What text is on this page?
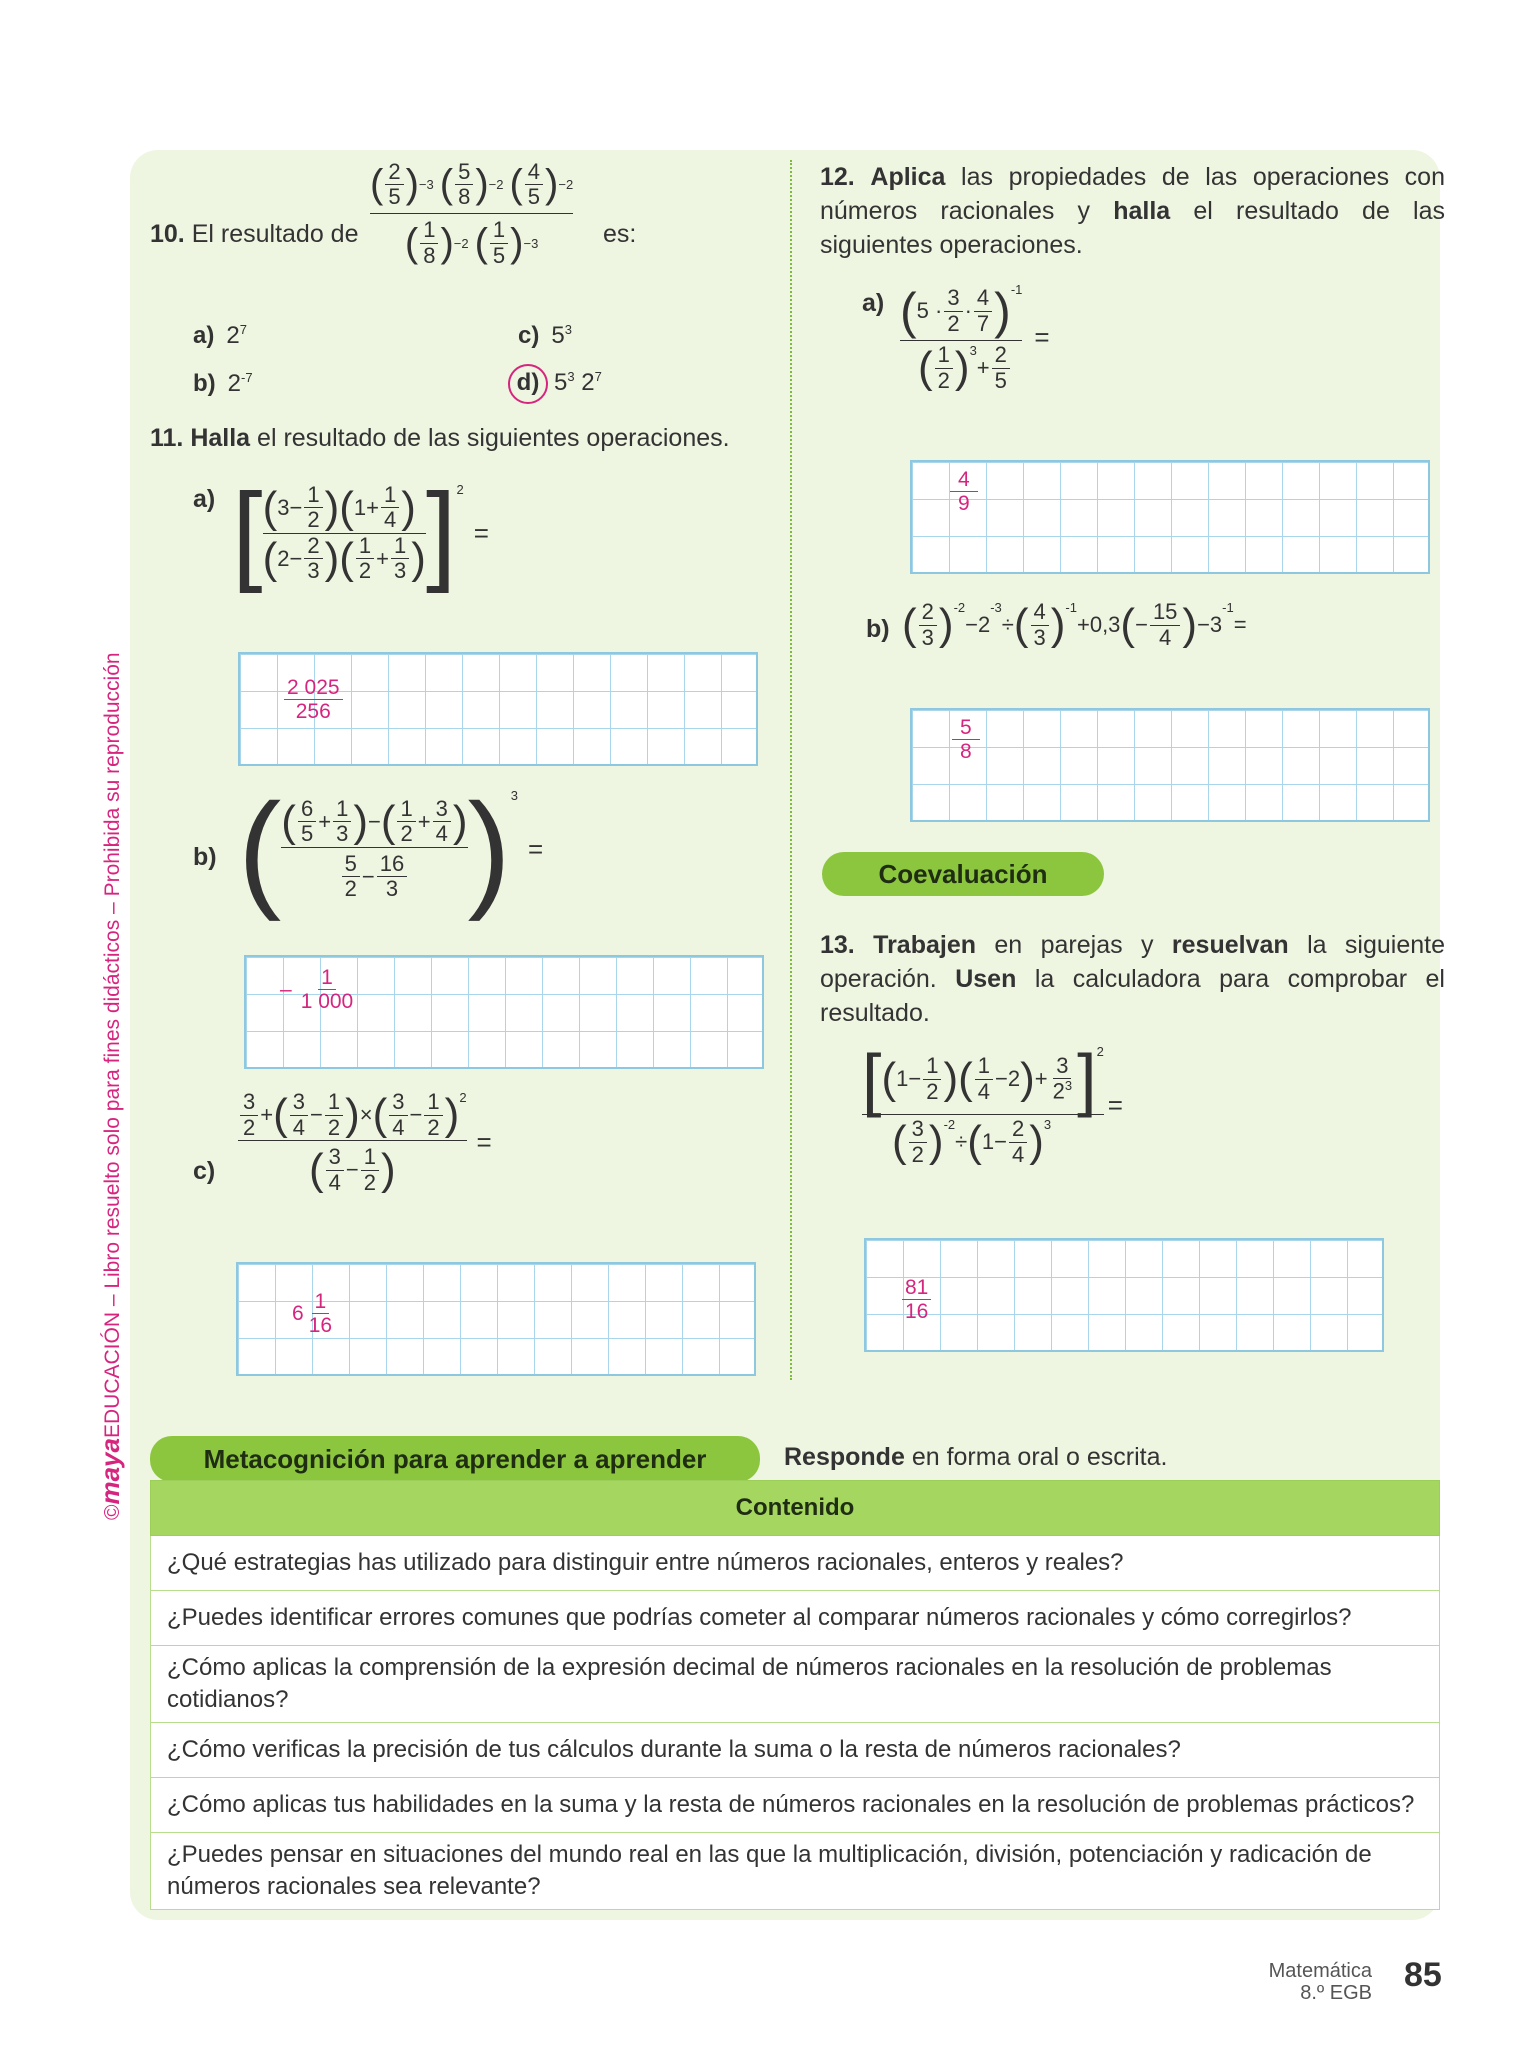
©mayaEDUCACIÓN – Libro resuelto solo para fines didácticos – Prohibida su reproducción
10. El resultado de
( $\frac{2}{5}$ ) −3 ( $\frac{5}{8}$ ) −2 ( $\frac{4}{5}$ ) −2
( $\frac{1}{8}$ ) −2 ( $\frac{1}{5}$ ) −3	es:
a) $2^7$
b) $2^{-7}$
c) $5^3$
d) $5^3$ $2^7$
11. Halla el resultado de las siguientes operaciones.
a) [ ( $3- \frac{1}{2}$ ) ( $1+ \frac{1}{4}$ )
( $2- \frac{2}{3}$ ) ( $\frac{1}{2} + \frac{1}{3}$ ) ]$^2$
=
$\frac{2 025}{256}$
b) ( ( $\frac{6}{5} + \frac{1}{3}$ ) − ( $\frac{1}{2} + \frac{3}{4}$ )
$\frac{5}{2} - \frac{16}{3} )^3$
=
– $\frac{1}{1 000}$
$c) \frac{\frac{3}{2} + ( \frac{3}{4} - \frac{1}{2} ) \times ( \frac{3}{4} - \frac{1}{2} )^2}{( \frac{3}{4} - \frac{1}{2} )}$ =
$6 \frac{1}{16}$
12. Aplica las propiedades de las operaciones con números racionales y halla el resultado de las siguientes operaciones.
a) ( $5 \cdot \frac{3}{2} \cdot \frac{4}{7} )^{-1}$
( $\frac{1}{2} )^3$
+ $\frac{2}{5}$ =
$\frac{4}{9}$
b) ( $\frac{2}{3} )^{-2}$
−2
-3
÷ ( $\frac{4}{3} )^{-1}$
+0,3 ( − $\frac{15}{4}$ ) −3
$^{-1}$
=
$\frac{5}{8}$
Coevaluación
13. Trabajen en parejas y resuelvan la siguiente operación. Usen la calculadora para comprobar el resultado.
[ ( $1- \frac{1}{2}$ ) ( $\frac{1}{4} -2$ ) + $\frac{3}{2^3} ]^2$
( $\frac{3}{2} )^{-2}$
÷ ( $1- \frac{2}{4} )^3$ =
$\frac{81}{16}$
Metacognición para aprender a aprender	Responde en forma oral o escrita.
Contenido
¿Qué estrategias has utilizado para distinguir entre números racionales, enteros y reales?
¿Puedes identificar errores comunes que podrías cometer al comparar números racionales y cómo corregirlos?
¿Cómo aplicas la comprensión de la expresión decimal de números racionales en la resolución de problemas cotidianos?
¿Cómo verificas la precisión de tus cálculos durante la suma o la resta de números racionales?
¿Cómo aplicas tus habilidades en la suma y la resta de números racionales en la resolución de problemas prácticos?
¿Puedes pensar en situaciones del mundo real en las que la multiplicación, división, potenciación y radicación de números racionales sea relevante?
Matemática
8.º EGB 85
